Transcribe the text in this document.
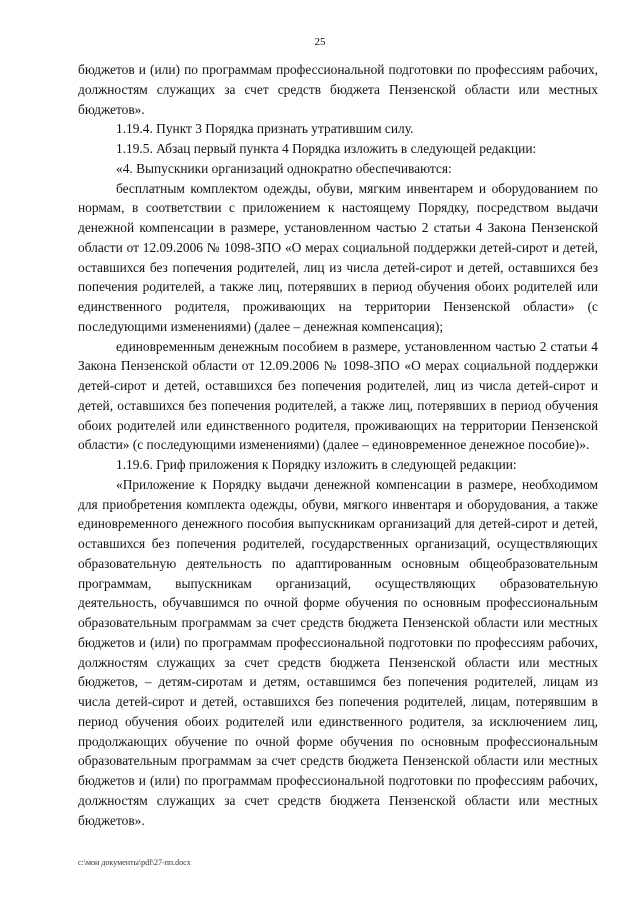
25

бюджетов и (или) по программам профессиональной подготовки по профессиям рабочих, должностям служащих за счет средств бюджета Пензенской области или местных бюджетов».

1.19.4. Пункт 3 Порядка признать утратившим силу.

1.19.5. Абзац первый пункта 4 Порядка изложить в следующей редакции:

«4. Выпускники организаций однократно обеспечиваются:

бесплатным комплектом одежды, обуви, мягким инвентарем и оборудованием по нормам, в соответствии с приложением к настоящему Порядку, посредством выдачи денежной компенсации в размере, установленном частью 2 статьи 4 Закона Пензенской области от 12.09.2006 № 1098-ЗПО «О мерах социальной поддержки детей-сирот и детей, оставшихся без попечения родителей, лиц из числа детей-сирот и детей, оставшихся без попечения родителей, а также лиц, потерявших в период обучения обоих родителей или единственного родителя, проживающих на территории Пензенской области» (с последующими изменениями) (далее – денежная компенсация);

единовременным денежным пособием в размере, установленном частью 2 статьи 4 Закона Пензенской области от 12.09.2006 № 1098-ЗПО «О мерах социальной поддержки детей-сирот и детей, оставшихся без попечения родителей, лиц из числа детей-сирот и детей, оставшихся без попечения родителей, а также лиц, потерявших в период обучения обоих родителей или единственного родителя, проживающих на территории Пензенской области» (с последующими изменениями) (далее – единовременное денежное пособие)».

1.19.6. Гриф приложения к Порядку изложить в следующей редакции:

«Приложение к Порядку выдачи денежной компенсации в размере, необходимом для приобретения комплекта одежды, обуви, мягкого инвентаря и оборудования, а также единовременного денежного пособия выпускникам организаций для детей-сирот и детей, оставшихся без попечения родителей, государственных организаций, осуществляющих образовательную деятельность по адаптированным основным общеобразовательным программам, выпускникам организаций, осуществляющих образовательную деятельность, обучавшимся по очной форме обучения по основным профессиональным образовательным программам за счет средств бюджета Пензенской области или местных бюджетов и (или) по программам профессиональной подготовки по профессиям рабочих, должностям служащих за счет средств бюджета Пензенской области или местных бюджетов, – детям-сиротам и детям, оставшимся без попечения родителей, лицам из числа детей-сирот и детей, оставшихся без попечения родителей, лицам, потерявшим в период обучения обоих родителей или единственного родителя, за исключением лиц, продолжающих обучение по очной форме обучения по основным профессиональным образовательным программам за счет средств бюджета Пензенской области или местных бюджетов и (или) по программам профессиональной подготовки по профессиям рабочих, должностям служащих за счет средств бюджета Пензенской области или местных бюджетов».

c:\мои документы\pdf\27-пп.docx
